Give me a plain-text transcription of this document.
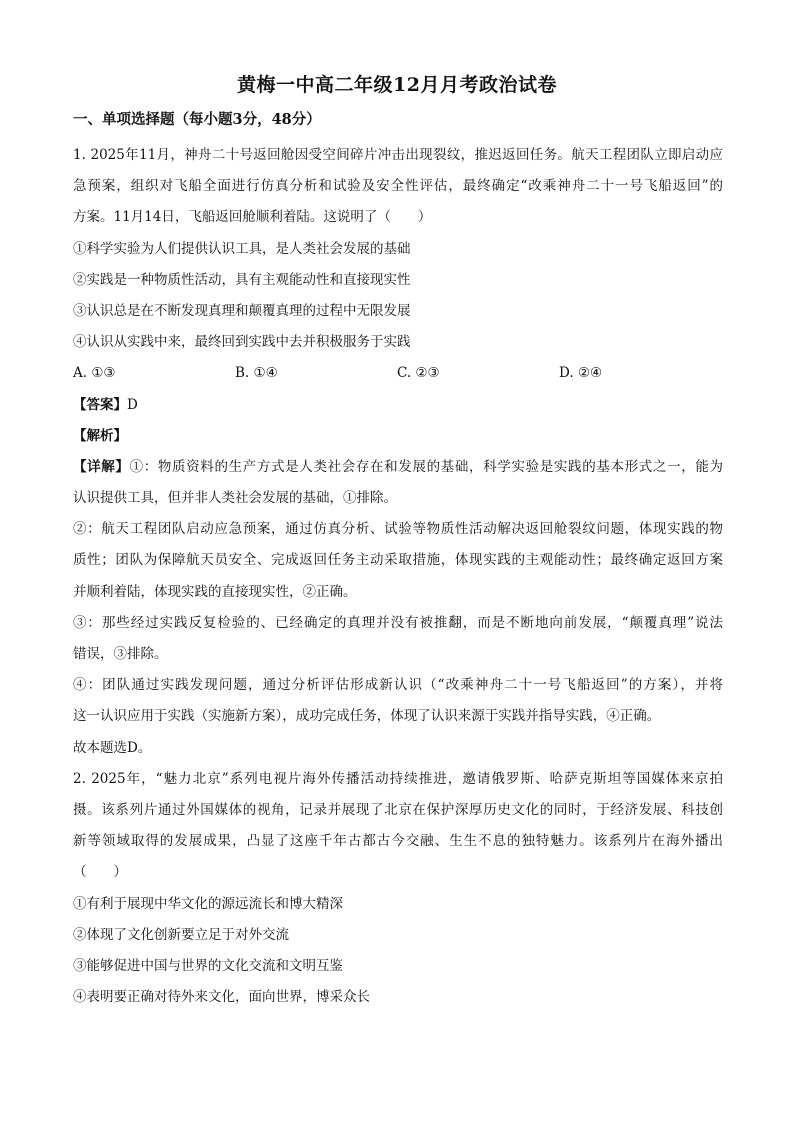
黄梅一中高二年级12月月考政治试卷
一、单项选择题（每小题3分，48分）
1. 2025年11月，神舟二十号返回舱因受空间碎片冲击出现裂纹，推迟返回任务。航天工程团队立即启动应
急预案，组织对飞船全面进行仿真分析和试验及安全性评估，最终确定“改乘神舟二十一号飞船返回”的
方案。11月14日，飞船返回舱顺利着陆。这说明了（　　）
①科学实验为人们提供认识工具，是人类社会发展的基础
②实践是一种物质性活动，具有主观能动性和直接现实性
③认识总是在不断发现真理和颠覆真理的过程中无限发展
④认识从实践中来，最终回到实践中去并积极服务于实践
A. ①③	B. ①④	C. ②③	D. ②④
【答案】D
【解析】
【详解】①：物质资料的生产方式是人类社会存在和发展的基础，科学实验是实践的基本形式之一，能为
认识提供工具，但并非人类社会发展的基础，①排除。
②：航天工程团队启动应急预案，通过仿真分析、试验等物质性活动解决返回舱裂纹问题，体现实践的物
质性；团队为保障航天员安全、完成返回任务主动采取措施，体现实践的主观能动性；最终确定返回方案
并顺利着陆，体现实践的直接现实性，②正确。
③：那些经过实践反复检验的、已经确定的真理并没有被推翻，而是不断地向前发展，“颠覆真理”说法
错误，③排除。
④：团队通过实践发现问题，通过分析评估形成新认识（“改乘神舟二十一号飞船返回”的方案），并将
这一认识应用于实践（实施新方案），成功完成任务，体现了认识来源于实践并指导实践，④正确。
故本题选D。
2. 2025年，“魅力北京”系列电视片海外传播活动持续推进，邀请俄罗斯、哈萨克斯坦等国媒体来京拍
摄。该系列片通过外国媒体的视角，记录并展现了北京在保护深厚历史文化的同时，于经济发展、科技创
新等领域取得的发展成果，凸显了这座千年古都古今交融、生生不息的独特魅力。该系列片在海外播出
（　　）
①有利于展现中华文化的源远流长和博大精深
②体现了文化创新要立足于对外交流
③能够促进中国与世界的文化交流和文明互鉴
④表明要正确对待外来文化，面向世界，博采众长
